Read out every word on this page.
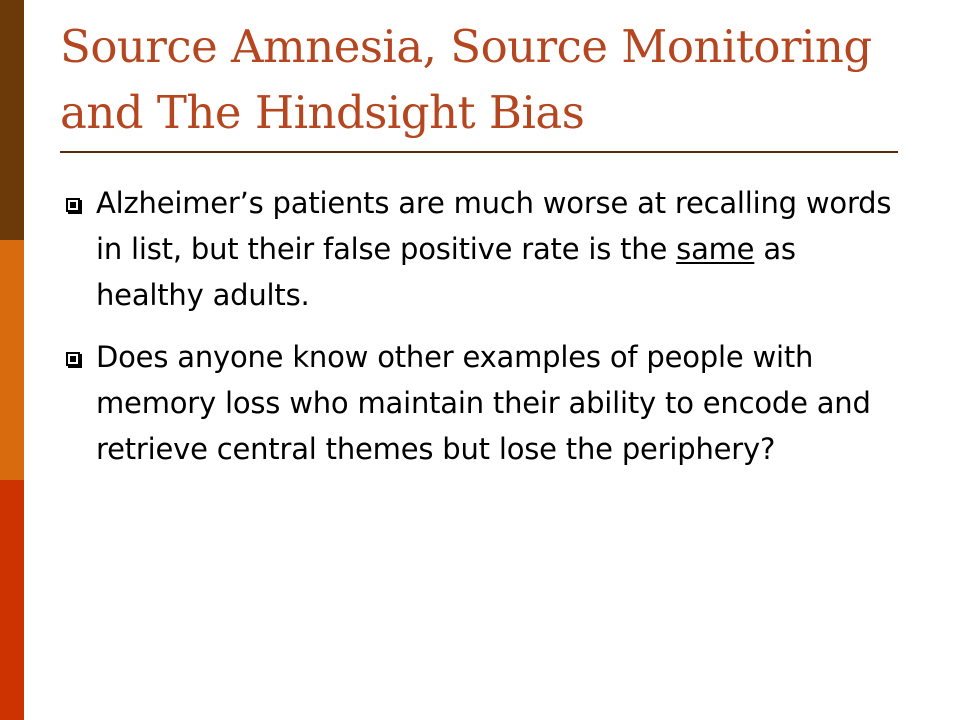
Source Amnesia, Source Monitoring
and The Hindsight Bias
Alzheimer’s patients are much worse at recalling words in list, but their false positive rate is the same as healthy adults.
Does anyone know other examples of people with memory loss who maintain their ability to encode and retrieve central themes but lose the periphery?
